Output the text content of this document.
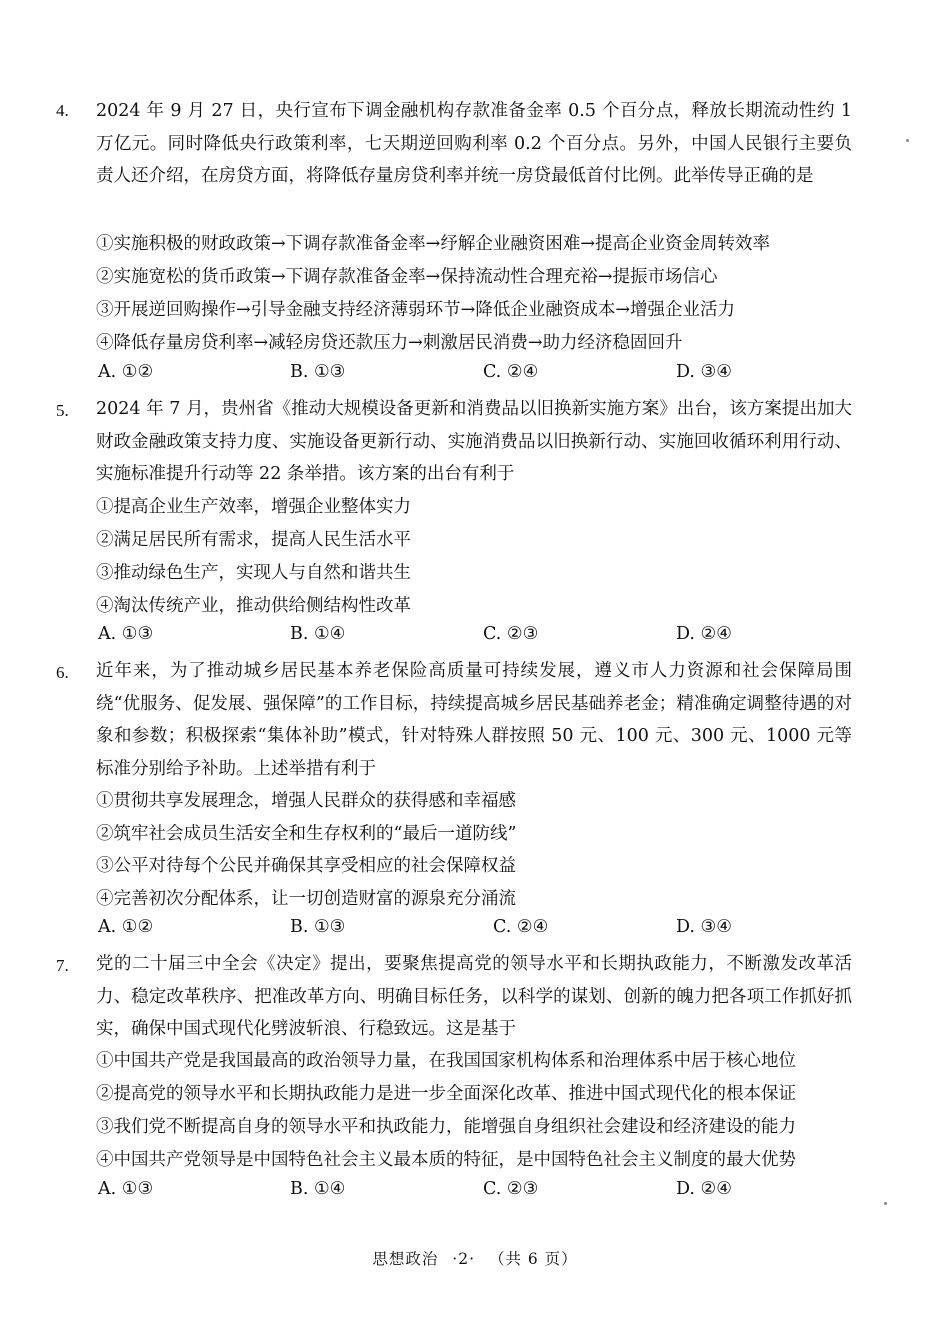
4. 2024 年 9 月 27 日，央行宣布下调金融机构存款准备金率 0.5 个百分点，释放长期流动性约 1 万亿元。同时降低央行政策利率，七天期逆回购利率 0.2 个百分点。另外，中国人民银行主要负责人还介绍，在房贷方面，将降低存量房贷利率并统一房贷最低首付比例。此举传导正确的是
①实施积极的财政政策→下调存款准备金率→纾解企业融资困难→提高企业资金周转效率
②实施宽松的货币政策→下调存款准备金率→保持流动性合理充裕→提振市场信心
③开展逆回购操作→引导金融支持经济薄弱环节→降低企业融资成本→增强企业活力
④降低存量房贷利率→减轻房贷还款压力→刺激居民消费→助力经济稳固回升
A. ①②	B. ①③	C. ②④	D. ③④
5. 2024 年 7 月，贵州省《推动大规模设备更新和消费品以旧换新实施方案》出台，该方案提出加大财政金融政策支持力度、实施设备更新行动、实施消费品以旧换新行动、实施回收循环利用行动、实施标准提升行动等 22 条举措。该方案的出台有利于
①提高企业生产效率，增强企业整体实力
②满足居民所有需求，提高人民生活水平
③推动绿色生产，实现人与自然和谐共生
④淘汰传统产业，推动供给侧结构性改革
A. ①③	B. ①④	C. ②③	D. ②④
6. 近年来，为了推动城乡居民基本养老保险高质量可持续发展，遵义市人力资源和社会保障局围绕“优服务、促发展、强保障”的工作目标，持续提高城乡居民基础养老金；精准确定调整待遇的对象和参数；积极探索“集体补助”模式，针对特殊人群按照 50 元、100 元、300 元、1000 元等标准分别给予补助。上述举措有利于
①贯彻共享发展理念，增强人民群众的获得感和幸福感
②筑牢社会成员生活安全和生存权利的“最后一道防线”
③公平对待每个公民并确保其享受相应的社会保障权益
④完善初次分配体系，让一切创造财富的源泉充分涌流
A. ①②	B. ①③	C. ②④	D. ③④
7. 党的二十届三中全会《决定》提出，要聚焦提高党的领导水平和长期执政能力，不断激发改革活力、稳定改革秩序、把准改革方向、明确目标任务，以科学的谋划、创新的魄力把各项工作抓好抓实，确保中国式现代化劈波斩浪、行稳致远。这是基于
①中国共产党是我国最高的政治领导力量，在我国国家机构体系和治理体系中居于核心地位
②提高党的领导水平和长期执政能力是进一步全面深化改革、推进中国式现代化的根本保证
③我们党不断提高自身的领导水平和执政能力，能增强自身组织社会建设和经济建设的能力
④中国共产党领导是中国特色社会主义最本质的特征，是中国特色社会主义制度的最大优势
A. ①③	B. ①④	C. ②③	D. ②④
思想政治 ·2· （共 6 页）
